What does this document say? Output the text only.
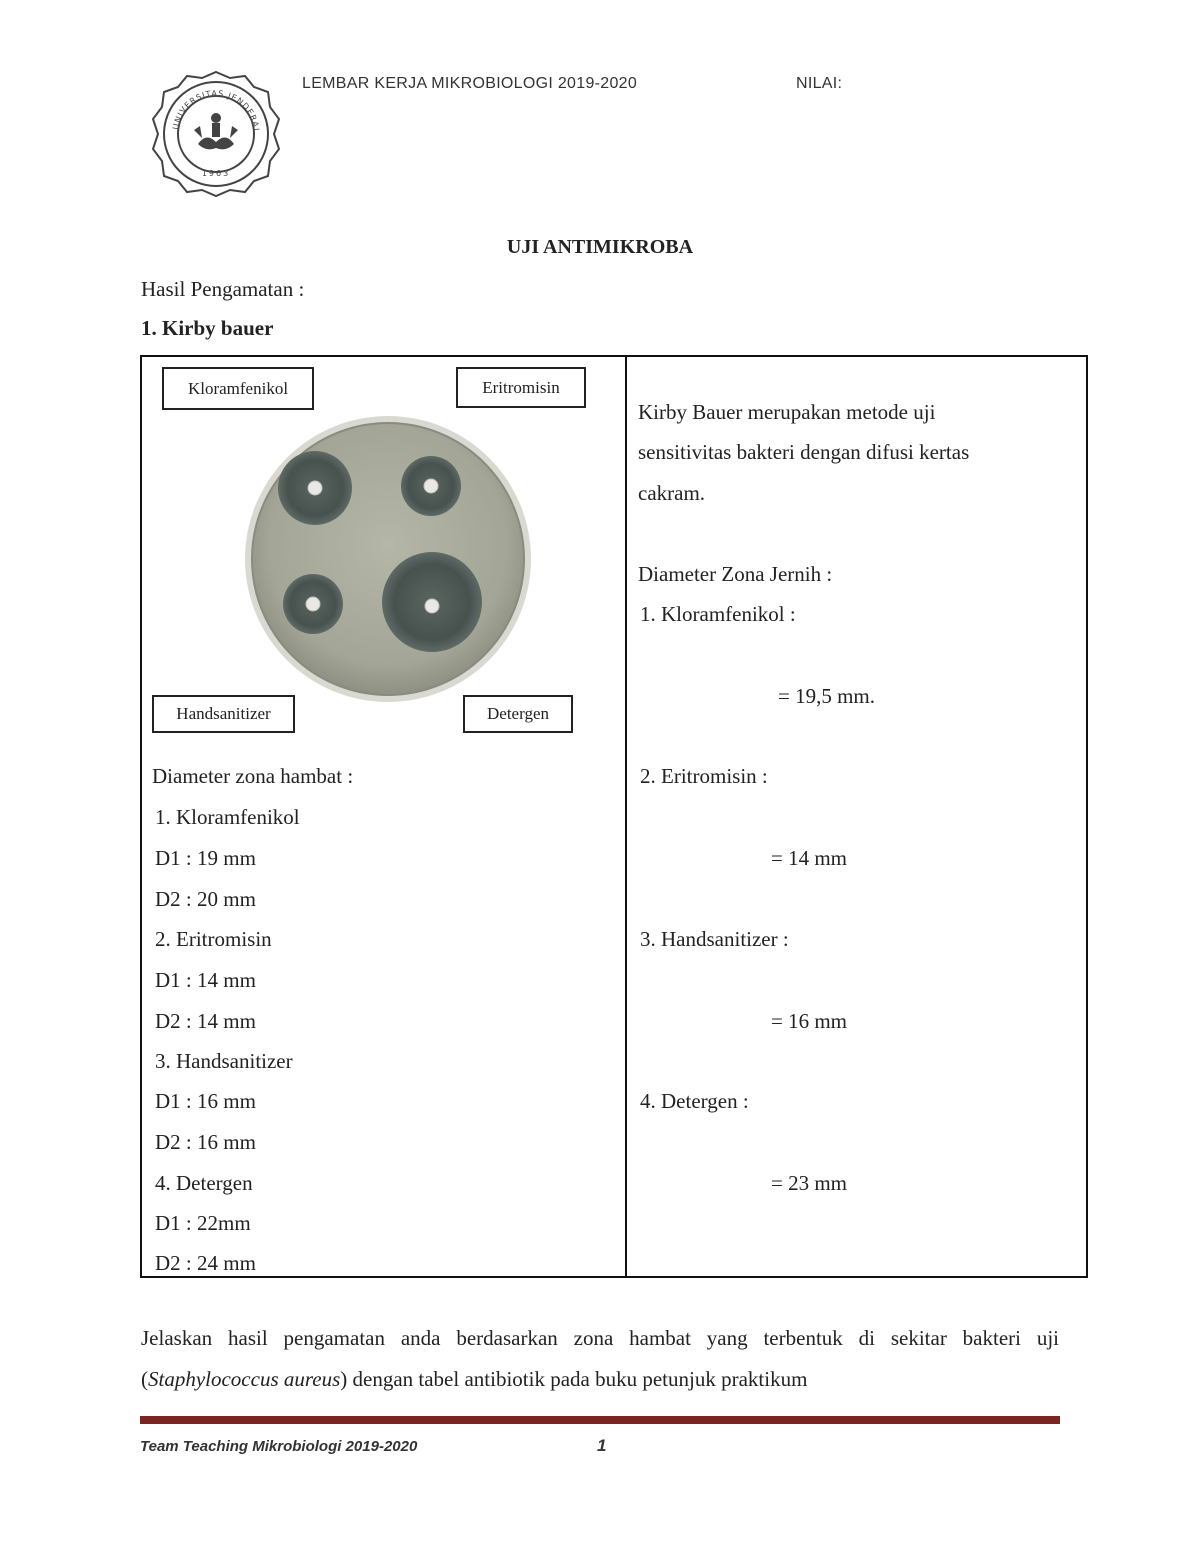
LEMBAR KERJA MIKROBIOLOGI 2019-2020	NILAI:
UNIVERSITAS JENDERAL
1963
UJI ANTIMIKROBA
Hasil Pengamatan :
1. Kirby bauer
Kloramfenikol	Eritromisin
Handsanitizer	Detergen
Diameter zona hambat :
1. Kloramfenikol
D1 : 19 mm
D2 : 20 mm
2. Eritromisin
D1 : 14 mm
D2 : 14 mm
3. Handsanitizer
D1 : 16 mm
D2 : 16 mm
4. Detergen
D1 : 22mm
D2 : 24 mm
Kirby Bauer merupakan metode uji
sensitivitas bakteri dengan difusi kertas
cakram.
Diameter Zona Jernih :
1. Kloramfenikol :
= 19,5 mm.
2. Eritromisin :
= 14 mm
3. Handsanitizer :
= 16 mm
4. Detergen :
= 23 mm
Jelaskan hasil pengamatan anda berdasarkan zona hambat yang terbentuk di sekitar bakteri uji (Staphylococcus aureus) dengan tabel antibiotik pada buku petunjuk praktikum
Team Teaching Mikrobiologi 2019-2020	1
